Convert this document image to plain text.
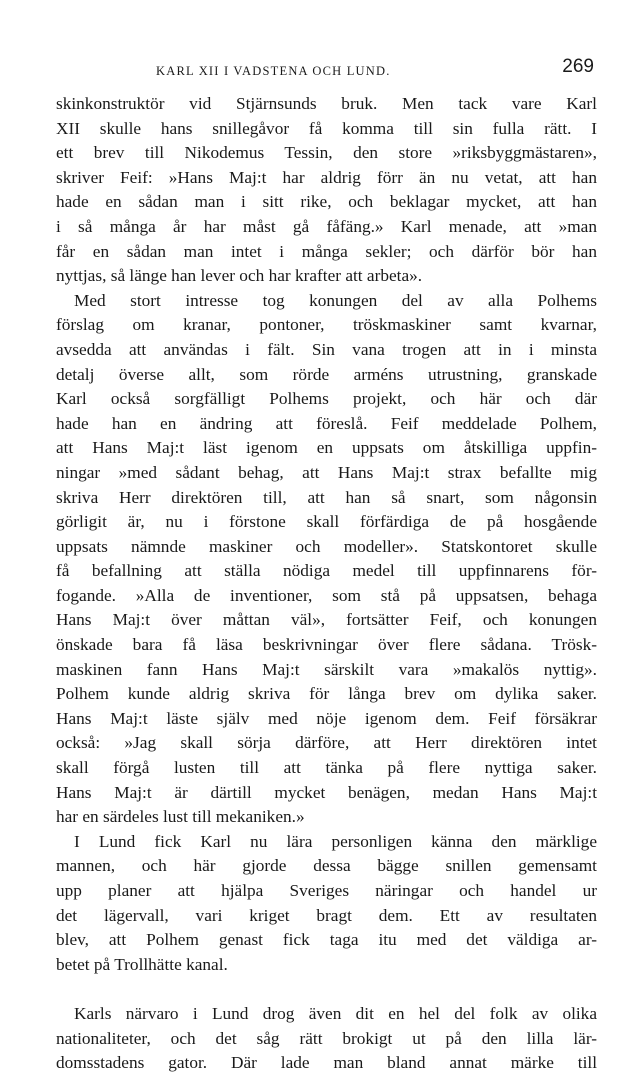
KARL XII I VADSTENA OCH LUND.	269

skinkonstruktör vid Stjärnsunds bruk. Men tack vare Karl
XII skulle hans snillegåvor få komma till sin fulla rätt. I
ett brev till Nikodemus Tessin, den store »riksbyggmästaren»,
skriver Feif: »Hans Maj:t har aldrig förr än nu vetat, att han
hade en sådan man i sitt rike, och beklagar mycket, att han
i så många år har måst gå fåfäng.» Karl menade, att »man
får en sådan man intet i många sekler; och därför bör han
nyttjas, så länge han lever och har krafter att arbeta».

Med stort intresse tog konungen del av alla Polhems
förslag om kranar, pontoner, tröskmaskiner samt kvarnar,
avsedda att användas i fält. Sin vana trogen att in i minsta
detalj överse allt, som rörde arméns utrustning, granskade
Karl också sorgfälligt Polhems projekt, och här och där
hade han en ändring att föreslå. Feif meddelade Polhem,
att Hans Maj:t läst igenom en uppsats om åtskilliga uppfin-
ningar »med sådant behag, att Hans Maj:t strax befallte mig
skriva Herr direktören till, att han så snart, som någonsin
görligit är, nu i förstone skall förfärdiga de på hosgående
uppsats nämnde maskiner och modeller». Statskontoret skulle
få befallning att ställa nödiga medel till uppfinnarens för-
fogande. »Alla de inventioner, som stå på uppsatsen, behaga
Hans Maj:t över måttan väl», fortsätter Feif, och konungen
önskade bara få läsa beskrivningar över flere sådana. Trösk-
maskinen fann Hans Maj:t särskilt vara »makalös nyttig».
Polhem kunde aldrig skriva för långa brev om dylika saker.
Hans Maj:t läste själv med nöje igenom dem. Feif försäkrar
också: »Jag skall sörja därföre, att Herr direktören intet
skall förgå lusten till att tänka på flere nyttiga saker.
Hans Maj:t är därtill mycket benägen, medan Hans Maj:t
har en särdeles lust till mekaniken.»

I Lund fick Karl nu lära personligen känna den märklige
mannen, och här gjorde dessa bägge snillen gemensamt
upp planer att hjälpa Sveriges näringar och handel ur
det lägervall, vari kriget bragt dem. Ett av resultaten
blev, att Polhem genast fick taga itu med det väldiga ar-
betet på Trollhätte kanal.

Karls närvaro i Lund drog även dit en hel del folk av olika
nationaliteter, och det såg rätt brokigt ut på den lilla lär-
domsstadens gator. Där lade man bland annat märke till
